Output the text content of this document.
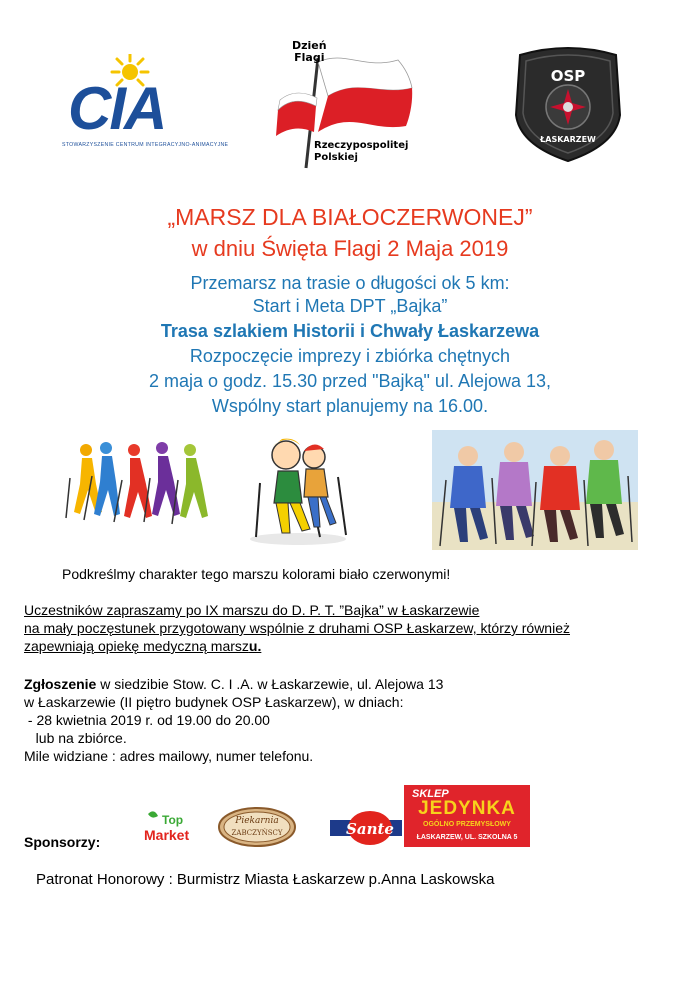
CIA
STOWARZYSZENIE CENTRUM INTEGRACYJNO-ANIMACYJNE
Dzień
Flagi
Rzeczypospolitej
Polskiej
OSP
ŁASKARZEW
„MARSZ DLA BIAŁOCZERWONEJ”
w dniu Święta Flagi 2 Maja 2019
Przemarsz na trasie o długości ok 5 km:
Start i Meta DPT „Bajka”
Trasa szlakiem Historii i Chwały Łaskarzewa
Rozpoczęcie imprezy i zbiórka chętnych
2 maja o godz. 15.30 przed "Bajką" ul. Alejowa 13,
Wspólny start planujemy na 16.00.
Podkreślmy charakter tego marszu kolorami biało czerwonymi!
Uczestników zapraszamy po IX marszu do D. P. T. ”Bajka” w Łaskarzewie
na mały poczęstunek przygotowany wspólnie z druhami OSP Łaskarzew, którzy również
zapewniają opiekę medyczną marszu.
Zgłoszenie w siedzibie Stow. C. I .A. w Łaskarzewie, ul. Alejowa 13
w Łaskarzewie (II piętro budynek OSP Łaskarzew), w dniach:
- 28 kwietnia 2019 r. od 19.00 do 20.00
lub na zbiórce.
Mile widziane : adres mailowy, numer telefonu.
Sponsorzy:
Top
Market
Piekarnia
ZABCZYŃSCY	Sante
SKLEP
JEDYNKA
OGÓLNO PRZEMYSŁOWY
ŁASKARZEW, UL. SZKOLNA 5
Patronat Honorowy : Burmistrz Miasta Łaskarzew p.Anna Laskowska
